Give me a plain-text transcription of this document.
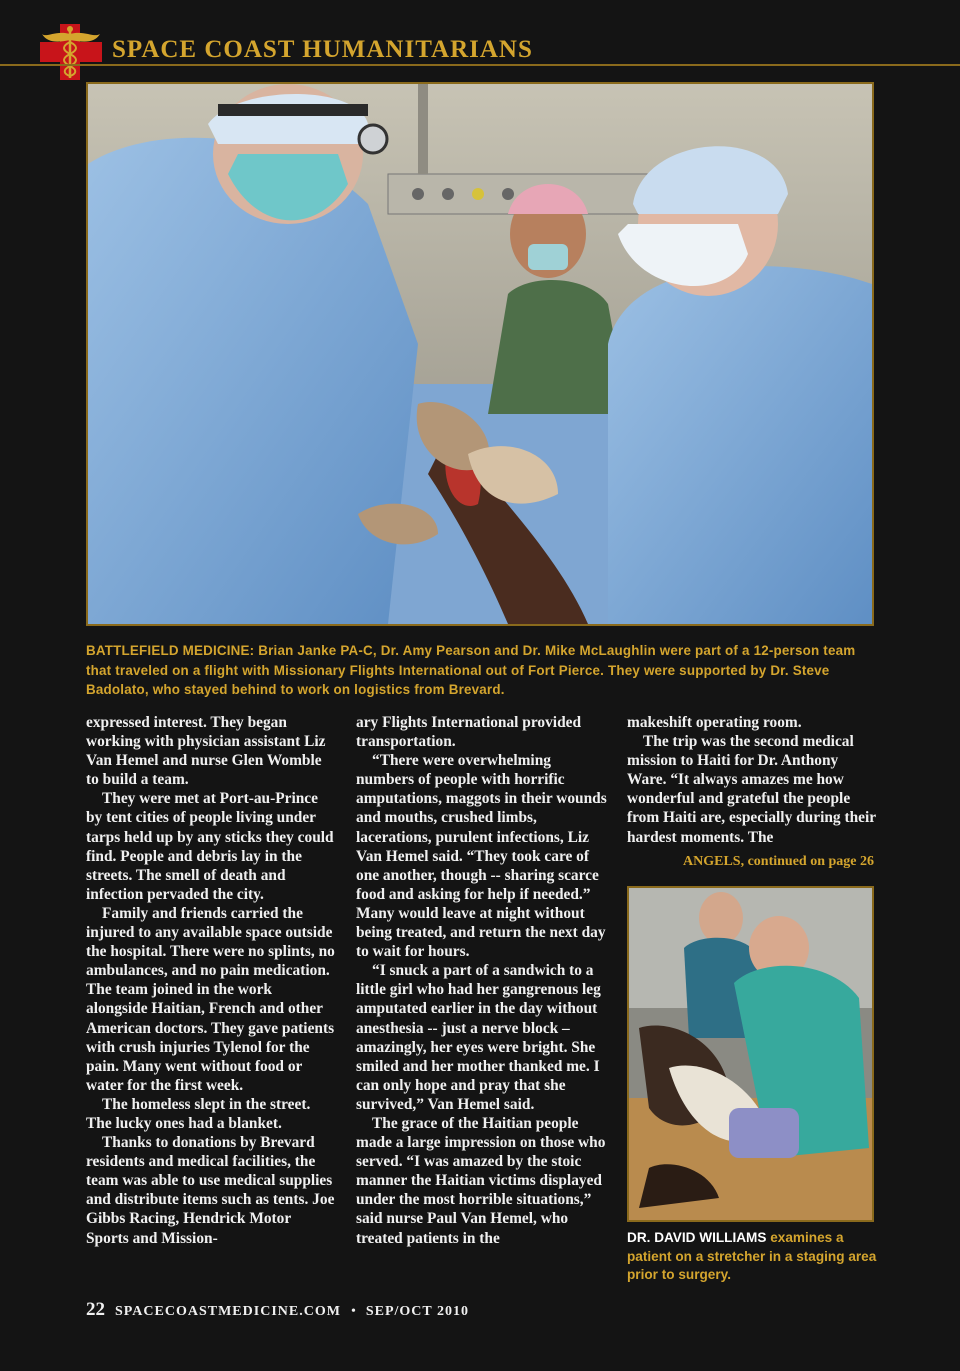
SPACE COAST HUMANITARIANS
BATTLEFIELD MEDICINE: Brian Janke PA-C, Dr. Amy Pearson and Dr. Mike McLaughlin were part of a 12-person team that traveled on a flight with Missionary Flights International out of Fort Pierce. They were supported by Dr. Steve Badolato, who stayed behind to work on logistics from Brevard.

expressed interest. They began working with physician assistant Liz Van Hemel and nurse Glen Womble to build a team.

They were met at Port-au-Prince by tent cities of people living under tarps held up by any sticks they could find. People and debris lay in the streets. The smell of death and infection pervaded the city.

Family and friends carried the injured to any available space outside the hospital. There were no splints, no ambulances, and no pain medication. The team joined in the work alongside Haitian, French and other American doctors. They gave patients with crush injuries Tylenol for the pain. Many went without food or water for the first week.

The homeless slept in the street. The lucky ones had a blanket.

Thanks to donations by Brevard residents and medical facilities, the team was able to use medical supplies and distribute items such as tents. Joe Gibbs Racing, Hendrick Motor Sports and Mission-

ary Flights International provided transportation.

“There were overwhelming numbers of people with horrific amputations, maggots in their wounds and mouths, crushed limbs, lacerations, purulent infections, Liz Van Hemel said. “They took care of one another, though -- sharing scarce food and asking for help if needed.” Many would leave at night without being treated, and return the next day to wait for hours.

“I snuck a part of a sandwich to a little girl who had her gangrenous leg amputated earlier in the day without anesthesia -- just a nerve block – amazingly, her eyes were bright. She smiled and her mother thanked me. I can only hope and pray that she survived,” Van Hemel said.

The grace of the Haitian people made a large impression on those who served. “I was amazed by the stoic manner the Haitian victims displayed under the most horrible situations,” said nurse Paul Van Hemel, who treated patients in the

makeshift operating room.

The trip was the second medical mission to Haiti for Dr. Anthony Ware. “It always amazes me how wonderful and grateful the people from Haiti are, especially during their hardest moments. The

ANGELS, continued on page 26
DR. DAVID WILLIAMS examines a patient on a stretcher in a staging area prior to surgery.
22 SPACECOASTMEDICINE.COM • SEP/OCT 2010
